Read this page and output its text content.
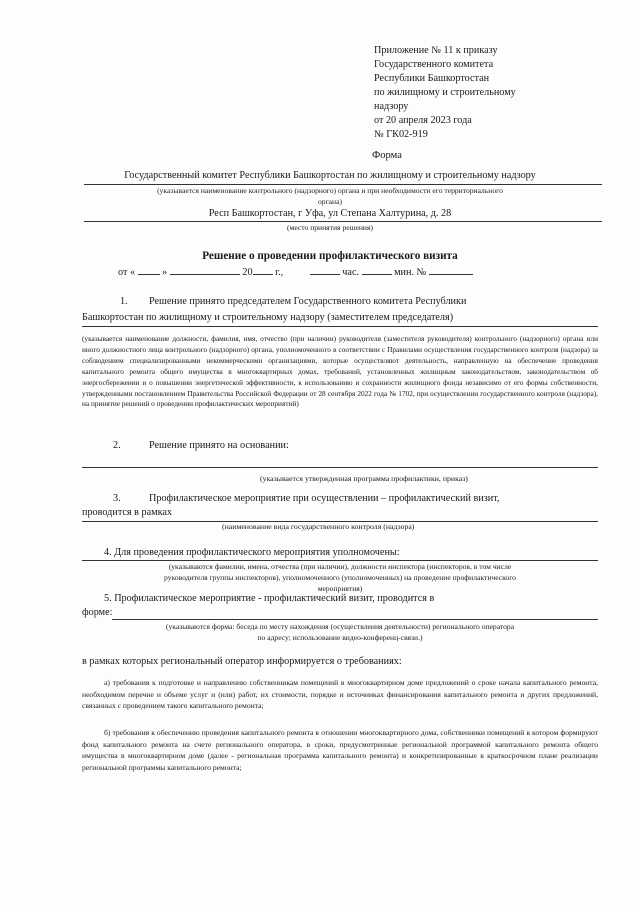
Приложение № 11 к приказу
Государственного комитета
Республики Башкортостан
по жилищному и строительному
надзору
от 20 апреля 2023 года
№ ГК02-919
Форма
Государственный комитет Республики Башкортостан по жилищному и строительному надзору
(указывается наименование контрольного (надзорного) органа и при необходимости его территориального
органа)
Респ Башкортостан, г Уфа, ул Степана Халтурина, д. 28
(место принятия решения)
Решение о проведении профилактического визита
от «	»	20 г.,	час.	мин. №
1. Решение принято председателем Государственного комитета Республики
Башкортостан по жилищному и строительному надзору (заместителем председателя)
(указывается наименование должности, фамилия, имя, отчество (при наличии) руководителя (заместителя руководителя) контрольного (надзорного) органа или иного должностного лица контрольного (надзорного) органа, уполномоченного в соответствии с Правилами осуществления государственного контроля (надзора) за соблюдением специализированными некоммерческими организациями, которые осуществляют деятельность, направленную на обеспечение проведения капитального ремонта общего имущества в многоквартирных домах, требований, установленных жилищным законодательством, законодательством об энергосбережении и о повышении энергетической эффективности, к использованию и сохранности жилищного фонда независимо от его формы собственности, утвержденными постановлением Правительства Российской Федерации от 28 сентября 2022 года № 1702, при осуществлении государственного контроля (надзора), на принятие решений о проведении профилактических мероприятий)
2.	Решение принято на основании:
(указывается утвержденная программа профилактики, приказ)
3.	Профилактическое мероприятие при осуществлении – профилактический визит,
проводится в рамках
(наименование вида государственного контроля (надзора)
4. Для проведения профилактического мероприятия уполномочены:
(указываются фамилии, имена, отчества (при наличии), должности инспектора (инспекторов, в том числе
руководителя группы инспекторов), уполномоченного (уполномоченных) на проведение профилактического
мероприятия)
5. Профилактическое мероприятие - профилактический визит, проводится в
форме:
(указываются форма: беседа по месту нахождения (осуществления деятельности) регионального оператора
по адресу; использование видео-конференц-связи.)
в рамках которых региональный оператор информируется о требованиях:
а) требования к подготовке и направлению собственникам помещений в многоквартирном доме предложений о сроке начала капитального ремонта, необходимом перечне и объеме услуг и (или) работ, их стоимости, порядке и источниках финансирования капитального ремонта и других предложений, связанных с проведением такого капитального ремонта;
б) требования к обеспечению проведения капитального ремонта в отношении многоквартирного дома, собственники помещений в котором формируют фонд капитального ремонта на счете регионального оператора, в сроки, предусмотренные региональной программой капитального ремонта общего имущества в многоквартирном доме (далее - региональная программа капитального ремонта) и конкретизированные в краткосрочном плане реализации региональной программы капитального ремонта;
